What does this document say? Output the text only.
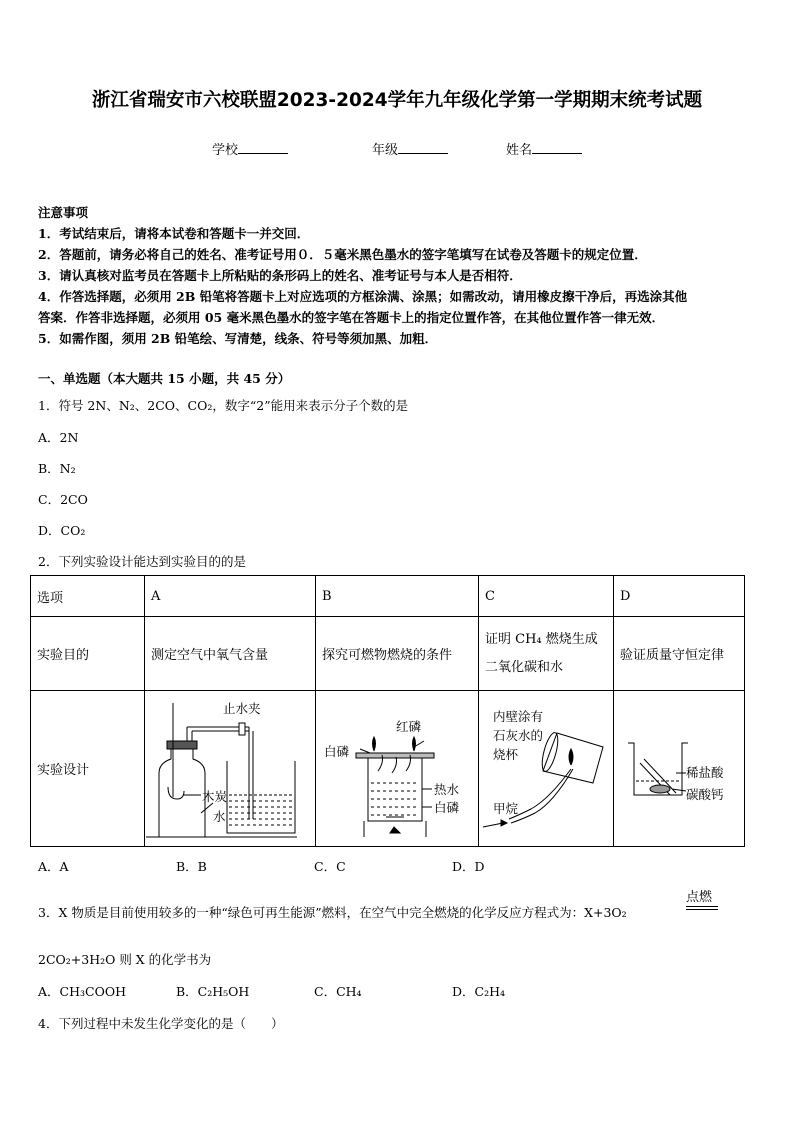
浙江省瑞安市六校联盟2023-2024学年九年级化学第一学期期末统考试题
学校	年级	姓名
注意事项
1．考试结束后，请将本试卷和答题卡一并交回．
2．答题前，请务必将自己的姓名、准考证号用０．５毫米黑色墨水的签字笔填写在试卷及答题卡的规定位置．
3．请认真核对监考员在答题卡上所粘贴的条形码上的姓名、准考证号与本人是否相符．
4．作答选择题，必须用 2B 铅笔将答题卡上对应选项的方框涂满、涂黑；如需改动，请用橡皮擦干净后，再选涂其他
答案．作答非选择题，必须用 05 毫米黑色墨水的签字笔在答题卡上的指定位置作答，在其他位置作答一律无效．
5．如需作图，须用 2B 铅笔绘、写清楚，线条、符号等须加黑、加粗．
一、单选题（本大题共 15 小题，共 45 分）
1．符号 2N、N₂、2CO、CO₂，数字“2”能用来表示分子个数的是
A．2N
B．N₂
C．2CO
D．CO₂
2．下列实验设计能达到实验目的的是
选项	A	B	C	D
实验目的	测定空气中氧气含量	探究可燃物燃烧的条件	证明 CH₄ 燃烧生成
二氧化碳和水	验证质量守恒定律
实验设计	止水夹
木炭
水	红磷
白磷
热水
白磷	内壁涂有
石灰水的
烧杯
甲烷	稀盐酸
碳酸钙
A．A	B．B	C．C	D．D
3．X 物质是目前使用较多的一种“绿色可再生能源”燃料，在空气中完全燃烧的化学反应方程式为：X+3O₂
点燃
2CO₂+3H₂O 则 X 的化学书为
A．CH₃COOH	B．C₂H₅OH	C．CH₄	D．C₂H₄
4．下列过程中未发生化学变化的是（　　）
